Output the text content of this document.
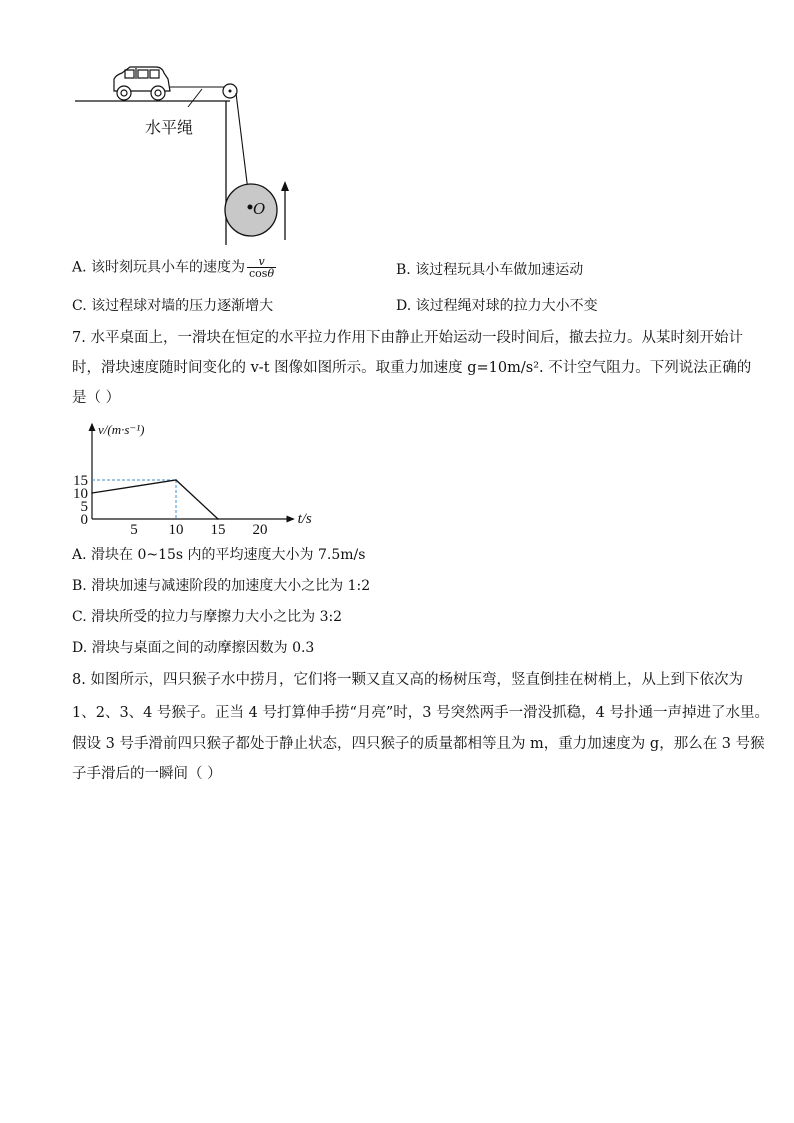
水平绳
O
A. 该时刻玩具小车的速度为 $\frac{v}{\cos\theta}$	B. 该过程玩具小车做加速运动
C. 该过程球对墙的压力逐渐增大	D. 该过程绳对球的拉力大小不变
7. 水平桌面上，一滑块在恒定的水平拉力作用下由静止开始运动一段时间后，撤去拉力。从某时刻开始计
时，滑块速度随时间变化的 v-t 图像如图所示。取重力加速度 g=10m/s². 不计空气阻力。下列说法正确的
是（ ）
5 10 15 20
0
5
10
15
v/(m·s⁻¹)
t/s
A. 滑块在 0~15s 内的平均速度大小为 7.5m/s
B. 滑块加速与减速阶段的加速度大小之比为 1:2
C. 滑块所受的拉力与摩擦力大小之比为 3:2
D. 滑块与桌面之间的动摩擦因数为 0.3
8. 如图所示，四只猴子水中捞月，它们将一颗又直又高的杨树压弯，竖直倒挂在树梢上，从上到下依次为
1、2、3、4 号猴子。正当 4 号打算伸手捞“月亮”时，3 号突然两手一滑没抓稳，4 号扑通一声掉进了水里。
假设 3 号手滑前四只猴子都处于静止状态，四只猴子的质量都相等且为 m，重力加速度为 g，那么在 3 号猴
子手滑后的一瞬间（ ）
